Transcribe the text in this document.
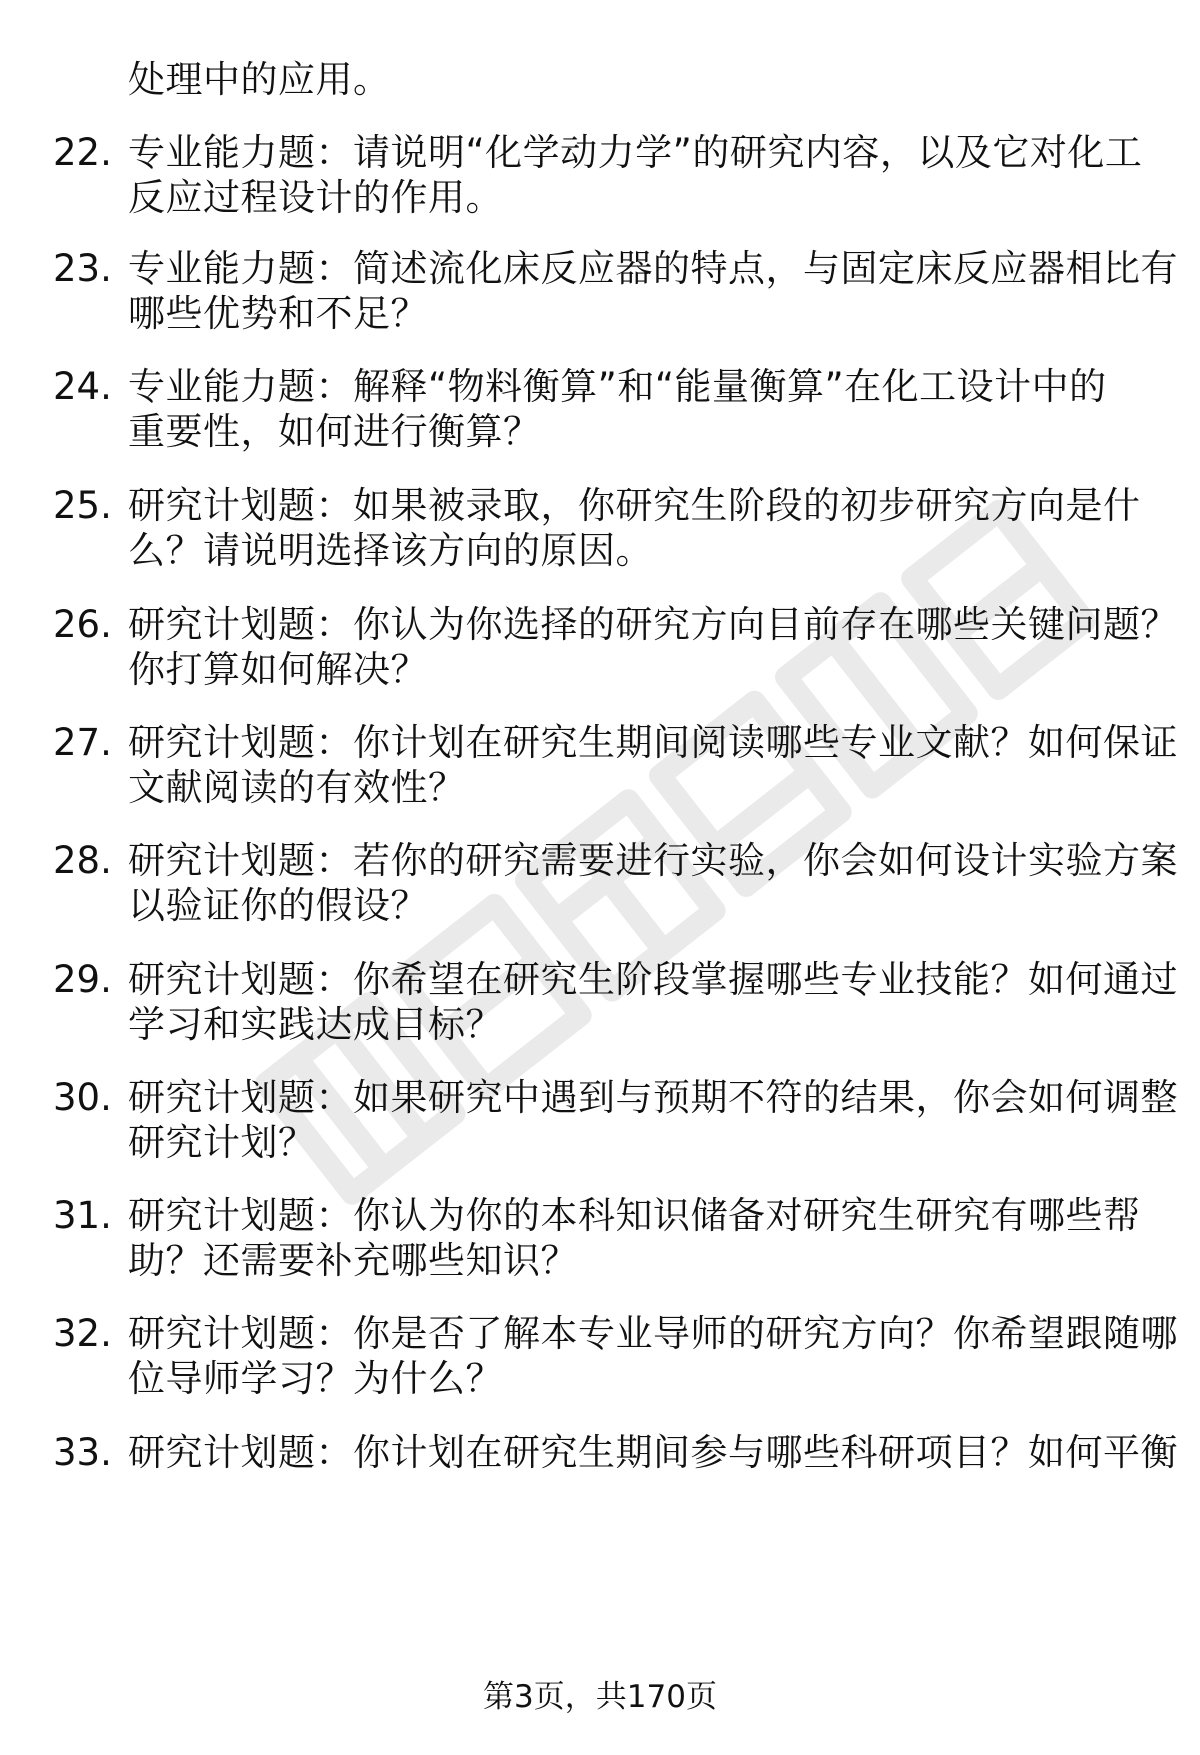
处理中的应用。
22. 专业能力题：请说明“化学动力学”的研究内容，以及它对化工
反应过程设计的作用。
23. 专业能力题：简述流化床反应器的特点，与固定床反应器相比有
哪些优势和不足？
24. 专业能力题：解释“物料衡算”和“能量衡算”在化工设计中的
重要性，如何进行衡算？
25. 研究计划题：如果被录取，你研究生阶段的初步研究方向是什
么？请说明选择该方向的原因。
26. 研究计划题：你认为你选择的研究方向目前存在哪些关键问题？
你打算如何解决？
27. 研究计划题：你计划在研究生期间阅读哪些专业文献？如何保证
文献阅读的有效性？
28. 研究计划题：若你的研究需要进行实验，你会如何设计实验方案
以验证你的假设？
29. 研究计划题：你希望在研究生阶段掌握哪些专业技能？如何通过
学习和实践达成目标？
30. 研究计划题：如果研究中遇到与预期不符的结果，你会如何调整
研究计划？
31. 研究计划题：你认为你的本科知识储备对研究生研究有哪些帮
助？还需要补充哪些知识？
32. 研究计划题：你是否了解本专业导师的研究方向？你希望跟随哪
位导师学习？为什么？
33. 研究计划题：你计划在研究生期间参与哪些科研项目？如何平衡
第3页，共170页
